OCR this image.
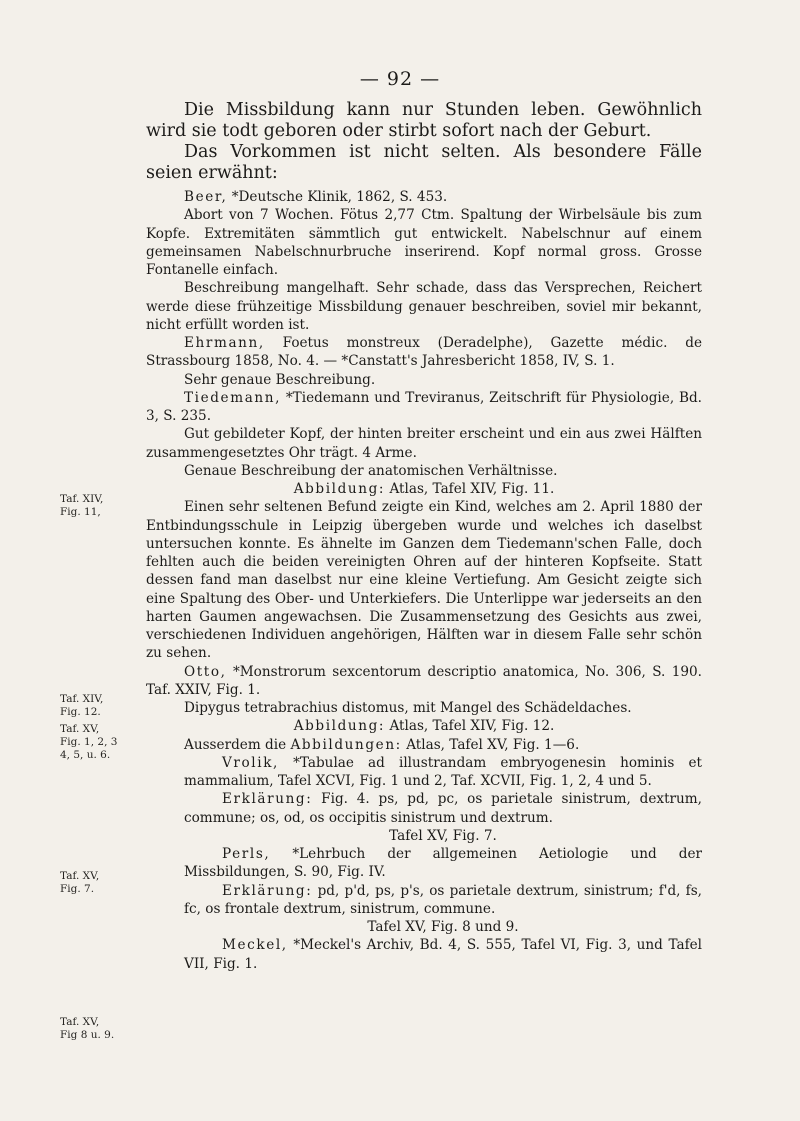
— 92 —
Taf. XIV,
Fig. 11,
Taf. XIV,
Fig. 12.
Taf. XV,
Fig. 1, 2, 3
4, 5, u. 6.
Taf. XV,
Fig. 7.
Taf. XV,
Fig 8 u. 9.

Die Missbildung kann nur Stunden leben. Gewöhnlich wird sie todt geboren oder stirbt sofort nach der Geburt.

Das Vorkommen ist nicht selten. Als besondere Fälle seien erwähnt:

Beer, *Deutsche Klinik, 1862, S. 453.

Abort von 7 Wochen. Fötus 2,77 Ctm. Spaltung der Wirbelsäule bis zum Kopfe. Extremitäten sämmtlich gut entwickelt. Nabelschnur auf einem gemeinsamen Nabelschnurbruche inserirend. Kopf normal gross. Grosse Fontanelle einfach.

Beschreibung mangelhaft. Sehr schade, dass das Versprechen, Reichert werde diese frühzeitige Missbildung genauer beschreiben, soviel mir bekannt, nicht erfüllt worden ist.

Ehrmann, Foetus monstreux (Deradelphe), Gazette médic. de Strassbourg 1858, No. 4. — *Canstatt's Jahresbericht 1858, IV, S. 1.

Sehr genaue Beschreibung.

Tiedemann, *Tiedemann und Treviranus, Zeitschrift für Physiologie, Bd. 3, S. 235.

Gut gebildeter Kopf, der hinten breiter erscheint und ein aus zwei Hälften zusammengesetztes Ohr trägt. 4 Arme.

Genaue Beschreibung der anatomischen Verhältnisse.

Abbildung: Atlas, Tafel XIV, Fig. 11.

Einen sehr seltenen Befund zeigte ein Kind, welches am 2. April 1880 der Entbindungsschule in Leipzig übergeben wurde und welches ich daselbst untersuchen konnte. Es ähnelte im Ganzen dem Tiedemann'schen Falle, doch fehlten auch die beiden vereinigten Ohren auf der hinteren Kopfseite. Statt dessen fand man daselbst nur eine kleine Vertiefung. Am Gesicht zeigte sich eine Spaltung des Ober- und Unterkiefers. Die Unterlippe war jederseits an den harten Gaumen angewachsen. Die Zusammensetzung des Gesichts aus zwei, verschiedenen Individuen angehörigen, Hälften war in diesem Falle sehr schön zu sehen.

Otto, *Monstrorum sexcentorum descriptio anatomica, No. 306, S. 190. Taf. XXIV, Fig. 1.

Dipygus tetrabrachius distomus, mit Mangel des Schädeldaches.

Abbildung: Atlas, Tafel XIV, Fig. 12.

Ausserdem die Abbildungen: Atlas, Tafel XV, Fig. 1—6.

Vrolik, *Tabulae ad illustrandam embryogenesin hominis et mammalium, Tafel XCVI, Fig. 1 und 2, Taf. XCVII, Fig. 1, 2, 4 und 5.

Erklärung: Fig. 4. ps, pd, pc, os parietale sinistrum, dextrum, commune; os, od, os occipitis sinistrum und dextrum.

Tafel XV, Fig. 7.

Perls, *Lehrbuch der allgemeinen Aetiologie und der Missbildungen, S. 90, Fig. IV.

Erklärung: pd, p'd, ps, p's, os parietale dextrum, sinistrum; f'd, fs, fc, os frontale dextrum, sinistrum, commune.

Tafel XV, Fig. 8 und 9.

Meckel, *Meckel's Archiv, Bd. 4, S. 555, Tafel VI, Fig. 3, und Tafel VII, Fig. 1.
